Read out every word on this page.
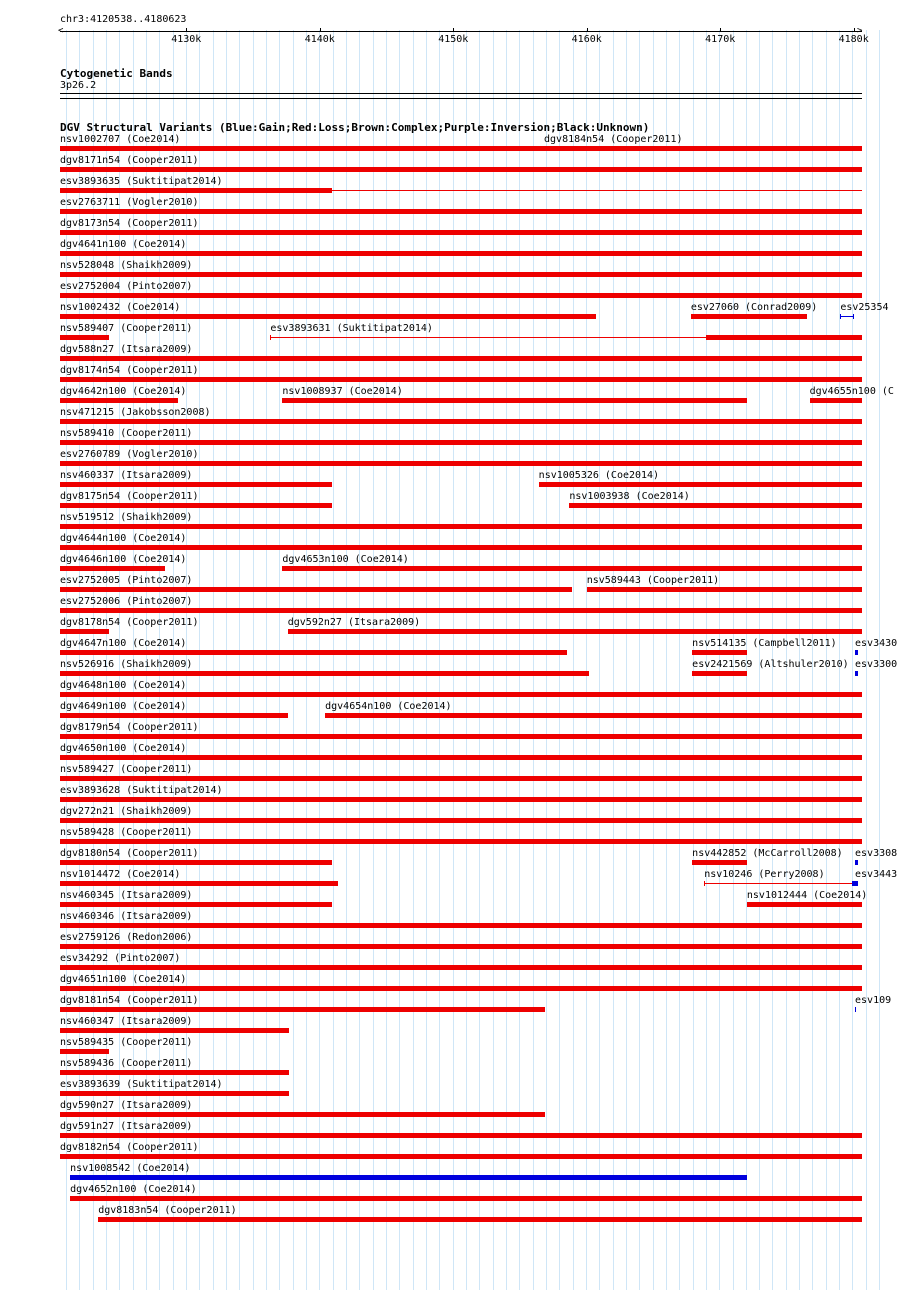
chr3:4120538..4180623
<	>
4130k	4140k	4150k	4160k	4170k	4180k
Cytogenetic Bands
3p26.2
DGV Structural Variants (Blue:Gain;Red:Loss;Brown:Complex;Purple:Inversion;Black:Unknown)
nsv1002707 (Coe2014)	dgv8184n54 (Cooper2011)
dgv8171n54 (Cooper2011)
esv3893635 (Suktitipat2014)
esv2763711 (Vogler2010)
dgv8173n54 (Cooper2011)
dgv4641n100 (Coe2014)
nsv528048 (Shaikh2009)
esv2752004 (Pinto2007)
nsv1002432 (Coe2014)	esv27060 (Conrad2009) esv25354
nsv589407 (Cooper2011)	esv3893631 (Suktitipat2014)
dgv588n27 (Itsara2009)
dgv8174n54 (Cooper2011)
dgv4642n100 (Coe2014)	nsv1008937 (Coe2014)	dgv4655n100 (C
nsv471215 (Jakobsson2008)
nsv589410 (Cooper2011)
esv2760789 (Vogler2010)
nsv460337 (Itsara2009)	nsv1005326 (Coe2014)
dgv8175n54 (Cooper2011)	nsv1003938 (Coe2014)
nsv519512 (Shaikh2009)
dgv4644n100 (Coe2014)
dgv4646n100 (Coe2014)	dgv4653n100 (Coe2014)
esv2752005 (Pinto2007)	nsv589443 (Cooper2011)
esv2752006 (Pinto2007)
dgv8178n54 (Cooper2011)	dgv592n27 (Itsara2009)
dgv4647n100 (Coe2014)	nsv514135 (Campbell2011) esv3430
nsv526916 (Shaikh2009)	esv2421569 (Altshuler2010) esv3300
dgv4648n100 (Coe2014)
dgv4649n100 (Coe2014)	dgv4654n100 (Coe2014)
dgv8179n54 (Cooper2011)
dgv4650n100 (Coe2014)
nsv589427 (Cooper2011)
esv3893628 (Suktitipat2014)
dgv272n21 (Shaikh2009)
nsv589428 (Cooper2011)
dgv8180n54 (Cooper2011)	nsv442852 (McCarroll2008) esv3308
nsv1014472 (Coe2014)	nsv10246 (Perry2008)	esv3443
nsv460345 (Itsara2009)	nsv1012444 (Coe2014)
nsv460346 (Itsara2009)
esv2759126 (Redon2006)
esv34292 (Pinto2007)
dgv4651n100 (Coe2014)
dgv8181n54 (Cooper2011)	esv109
nsv460347 (Itsara2009)
nsv589435 (Cooper2011)
nsv589436 (Cooper2011)
esv3893639 (Suktitipat2014)
dgv590n27 (Itsara2009)
dgv591n27 (Itsara2009)
dgv8182n54 (Cooper2011)
nsv1008542 (Coe2014)
dgv4652n100 (Coe2014)
dgv8183n54 (Cooper2011)
